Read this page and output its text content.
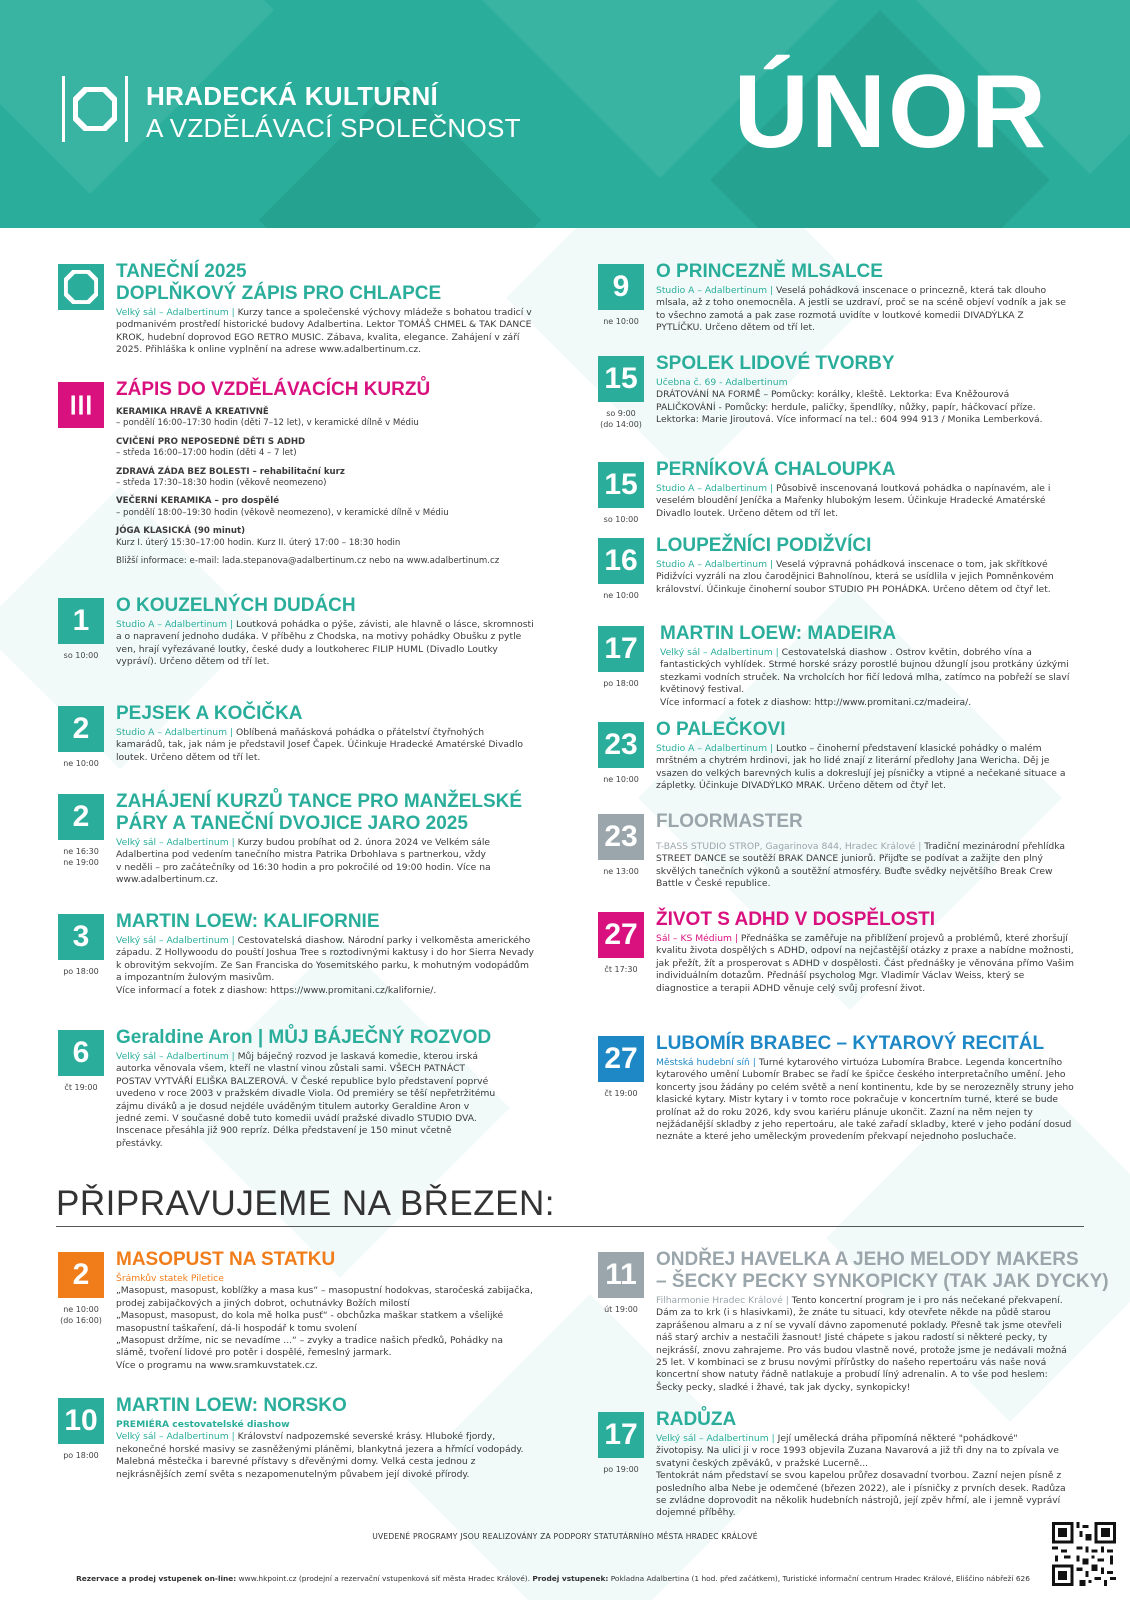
HRADECKÁ KULTURNÍ
A VZDĚLÁVACÍ SPOLEČNOST ÚNOR
TANEČNÍ 2025
DOPLŇKOVÝ ZÁPIS PRO CHLAPCE
Velký sál – Adalbertinum | Kurzy tance a společenské výchovy mládeže s bohatou tradicí v podmanivém prostředí historické budovy Adalbertina. Lektor TOMÁŠ CHMEL & TAK DANCE KROK, hudební doprovod EGO RETRO MUSIC. Zábava, kvalita, elegance. Zahájení v září 2025. Přihláška k online vyplnění na adrese www.adalbertinum.cz.
ZÁPIS DO VZDĚLÁVACÍCH KURZŮ
KERAMIKA HRAVĚ A KREATIVNĚ
– pondělí 16:00–17:30 hodin (děti 7–12 let), v keramické dílně v Médiu
CVIČENÍ PRO NEPOSEDNÉ DĚTI S ADHD
– středa 16:00–17:00 hodin (děti 4 – 7 let)
ZDRAVÁ ZÁDA BEZ BOLESTI – rehabilitační kurz
– středa 17:30–18:30 hodin (věkově neomezeno)
VEČERNÍ KERAMIKA – pro dospělé
– pondělí 18:00–19:30 hodin (věkově neomezeno), v keramické dílně v Médiu
JÓGA KLASICKÁ (90 minut)
Kurz I. úterý 15:30–17:00 hodin. Kurz II. úterý 17:00 – 18:30 hodin
Bližší informace: e-mail: lada.stepanova@adalbertinum.cz nebo na www.adalbertinum.cz
1
so 10:00
O KOUZELNÝCH DUDÁCH
Studio A – Adalbertinum | Loutková pohádka o pýše, závisti, ale hlavně o lásce, skromnosti a o napravení jednoho dudáka. V příběhu z Chodska, na motivy pohádky Obušku z pytle ven, hrají vyřezávané loutky, české dudy a loutkoherec FILIP HUML (Divadlo Loutky vypráví). Určeno dětem od tří let.
2
ne 10:00
PEJSEK A KOČIČKA
Studio A – Adalbertinum | Oblíbená maňásková pohádka o přátelství čtyřnohých kamarádů, tak, jak nám je představil Josef Čapek. Účinkuje Hradecké Amatérské Divadlo loutek. Určeno dětem od tří let.
2
ne 16:30
ne 19:00
ZAHÁJENÍ KURZŮ TANCE PRO MANŽELSKÉ
PÁRY A TANEČNÍ DVOJICE JARO 2025
Velký sál – Adalbertinum | Kurzy budou probíhat od 2. února 2024 ve Velkém sále Adalbertina pod vedením tanečního mistra Patrika Drbohlava s partnerkou, vždy v neděli – pro začátečníky od 16:30 hodin a pro pokročilé od 19:00 hodin. Více na www.adalbertinum.cz.
3
po 18:00
MARTIN LOEW: KALIFORNIE
Velký sál – Adalbertinum | Cestovatelská diashow. Národní parky i velkoměsta amerického západu. Z Hollywoodu do pouští Joshua Tree s roztodivnými kaktusy i do hor Sierra Nevady k obrovitým sekvojím. Ze San Franciska do Yosemitského parku, k mohutným vodopádům a impozantním žulovým masivům.
Více informací a fotek z diashow: https://www.promitani.cz/kalifornie/.
6
čt 19:00
Geraldine Aron | MŮJ BÁJEČNÝ ROZVOD
Velký sál – Adalbertinum | Můj báječný rozvod je laskavá komedie, kterou irská autorka věnovala všem, kteří ne vlastní vinou zůstali sami. VŠECH PATNÁCT POSTAV VYTVÁŘÍ ELIŠKA BALZEROVÁ. V České republice bylo představení poprvé uvedeno v roce 2003 v pražském divadle Viola. Od premiéry se těší nepřetržitému zájmu diváků a je dosud nejdéle uváděným titulem autorky Geraldine Aron v jedné zemi. V současné době tuto komedii uvádí pražské divadlo STUDIO DVA. Inscenace přesáhla již 900 repríz. Délka představení je 150 minut včetně přestávky.
9
ne 10:00
O PRINCEZNĚ MLSALCE
Studio A – Adalbertinum | Veselá pohádková inscenace o princezně, která tak dlouho mlsala, až z toho onemocněla. A jestli se uzdraví, proč se na scéně objeví vodník a jak se to všechno zamotá a pak zase rozmotá uvidíte v loutkové komedii DIVADÝLKA Z PYTLÍČKU. Určeno dětem od tří let.
15
so 9:00
(do 14:00)
SPOLEK LIDOVÉ TVORBY
Učebna č. 69 - Adalbertinum
DRÁTOVÁNÍ NA FORMĚ – Pomůcky: korálky, kleště. Lektorka: Eva Kněžourová
PALIČKOVÁNÍ - Pomůcky: herdule, paličky, špendlíky, nůžky, papír, háčkovací příze. Lektorka: Marie Jiroutová. Více informací na tel.: 604 994 913 / Monika Lemberková.
15
so 10:00
PERNÍKOVÁ CHALOUPKA
Studio A – Adalbertinum | Působivě inscenovaná loutková pohádka o napínavém, ale i veselém bloudění Jeníčka a Mařenky hlubokým lesem. Účinkuje Hradecké Amatérské Divadlo loutek. Určeno dětem od tří let.
16
ne 10:00
LOUPEŽNÍCI PODIŽVÍCI
Studio A – Adalbertinum | Veselá výpravná pohádková inscenace o tom, jak skřítkové Pidižvíci vyzráli na zlou čarodějnici Bahnolínou, která se usídlila v jejich Pomněnkovém království. Účinkuje činoherní soubor STUDIO PH POHÁDKA. Určeno dětem od čtyř let.
17
po 18:00
MARTIN LOEW: MADEIRA
Velký sál – Adalbertinum | Cestovatelská diashow . Ostrov květin, dobrého vína a fantastických vyhlídek. Strmé horské srázy porostlé bujnou džunglí jsou protkány úzkými stezkami vodních struček. Na vrcholcích hor fičí ledová mlha, zatímco na pobřeží se slaví květinový festival.
Více informací a fotek z diashow: http://www.promitani.cz/madeira/.
23
ne 10:00
O PALEČKOVI
Studio A – Adalbertinum | Loutko – činoherní představení klasické pohádky o malém mrštném a chytrém hrdinovi, jak ho lidé znají z literární předlohy Jana Wericha. Děj je vsazen do velkých barevných kulis a dokreslují jej písničky a vtipné a nečekané situace a zápletky. Účinkuje DIVADÝLKO MRAK. Určeno dětem od čtyř let.
23
ne 13:00
FLOORMASTER
T-BASS STUDIO STROP, Gagarinova 844, Hradec Králové | Tradiční mezinárodní přehlídka STREET DANCE se soutěží BRAK DANCE juniorů. Přijďte se podívat a zažijte den plný skvělých tanečních výkonů a soutěžní atmosféry. Buďte svědky největšího Break Crew Battle v České republice.
27
čt 17:30
ŽIVOT S ADHD V DOSPĚLOSTI
Sál – KS Médium | Přednáška se zaměřuje na přiblížení projevů a problémů, které zhoršují kvalitu života dospělých s ADHD, odpoví na nejčastější otázky z praxe a nabídne možnosti, jak přežít, žít a prosperovat s ADHD v dospělosti. Část přednášky je věnována přímo Vašim individuálním dotazům. Přednáší psycholog Mgr. Vladimír Václav Weiss, který se diagnostice a terapii ADHD věnuje celý svůj profesní život.
27
čt 19:00
LUBOMÍR BRABEC – KYTAROVÝ RECITÁL
Městská hudební síň | Turné kytarového virtuóza Lubomíra Brabce. Legenda koncertního kytarového umění Lubomír Brabec se řadí ke špičce českého interpretačního umění. Jeho koncerty jsou žádány po celém světě a není kontinentu, kde by se nerozezněly struny jeho klasické kytary. Mistr kytary i v tomto roce pokračuje v koncertním turné, které se bude prolínat až do roku 2026, kdy svou kariéru plánuje ukončit. Zazní na něm nejen ty nejžádanější skladby z jeho repertoáru, ale také zařadí skladby, které v jeho podání dosud neznáte a které jeho uměleckým provedením překvapí nejednoho posluchače.
PŘIPRAVUJEME NA BŘEZEN:
2
ne 10:00
(do 16:00)
MASOPUST NA STATKU
Šrámkův statek Piletice
„Masopust, masopust, koblížky a masa kus“ – masopustní hodokvas, staročeská zabijačka, prodej zabijačkových a jiných dobrot, ochutnávky Božích milostí
„Masopust, masopust, do kola mě holka pusť“ - obchůzka maškar statkem a všelijké masopustní taškaření, dá-li hospodář k tomu svolení
„Masopust držíme, nic se nevadíme ...“ – zvyky a tradice našich předků, Pohádky na slámě, tvoření lidové pro potěr i dospělé, řemeslný jarmark.
Více o programu na www.sramkuvstatek.cz.
10
po 18:00
MARTIN LOEW: NORSKO
PREMIÉRA cestovatelské diashow
Velký sál – Adalbertinum | Království nadpozemské severské krásy. Hluboké fjordy, nekonečné horské masivy se zasněženými pláněmi, blankytná jezera a hřmící vodopády. Malebná městečka i barevné přístavy s dřevěnými domy. Velká cesta jednou z nejkrásnějších zemí světa s nezapomenutelným půvabem její divoké přírody.
11
út 19:00
ONDŘEJ HAVELKA A JEHO MELODY MAKERS
– ŠECKY PECKY SYNKOPICKY (TAK JAK DYCKY)
Filharmonie Hradec Králové | Tento koncertní program je i pro nás nečekané překvapení. Dám za to krk (i s hlasivkami), že znáte tu situaci, kdy otevřete někde na půdě starou zaprášenou almaru a z ní se vyvalí dávno zapomenuté poklady. Přesně tak jsme otevřeli náš starý archiv a nestačili žasnout! Jisté chápete s jakou radostí si některé pecky, ty nejkrásší, znovu zahrajeme. Pro vás budou vlastně nové, protože jsme je nedávali možná 25 let. V kombinaci se z brusu novými přírůstky do našeho repertoáru vás naše nová koncertní show natuty řádně natlakuje a probudí líný adrenalin. A to vše pod heslem: Šecky pecky, sladké i žhavé, tak jak dycky, synkopicky!
17
po 19:00
RADŮZA
Velký sál – Adalbertinum | Její umělecká dráha připomíná některé "pohádkové" životopisy. Na ulici ji v roce 1993 objevila Zuzana Navarová a již tři dny na to zpívala ve svatyni českých zpěváků, v pražské Lucerně...
Tentokrát nám představí se svou kapelou průřez dosavadní tvorbou. Zazní nejen písně z posledního alba Nebe je odemčené (březen 2022), ale i písničky z prvních desek. Radůza se zvládne doprovodit na několik hudebních nástrojů, její zpěv hřmí, ale i jemně vypráví dojemné příběhy.
UVEDENÉ PROGRAMY JSOU REALIZOVÁNY ZA PODPORY STATUTÁRNÍHO MĚSTA HRADEC KRÁLOVÉ
Rezervace a prodej vstupenek on-line: www.hkpoint.cz (prodejní a rezervační vstupenková síť města Hradec Králové). Prodej vstupenek: Pokladna Adalbertina (1 hod. před začátkem), Turistické informační centrum Hradec Králové, Eliščino nábřeží 626
